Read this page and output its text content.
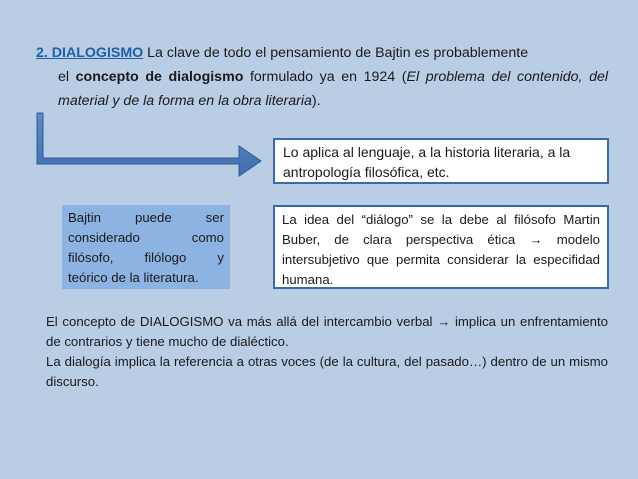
2. DIALOGISMO La clave de todo el pensamiento de Bajtin es probablemente

el concepto de dialogismo formulado ya en 1924 (El problema del contenido, del material y de la forma en la obra literaria).

Lo aplica al lenguaje, a la historia literaria, a la antropología filosófica, etc.
Bajtin puede ser
considerado como
filósofo, filólogo y
teórico de la literatura.
La idea del “diálogo” se la debe al filósofo Martin Buber, de clara perspectiva ética → modelo intersubjetivo que permita considerar la especifidad humana.

El concepto de DIALOGISMO va más allá del intercambio verbal → implica un enfrentamiento de contrarios y tiene mucho de dialéctico.

La dialogía implica la referencia a otras voces (de la cultura, del pasado…) dentro de un mismo discurso.
